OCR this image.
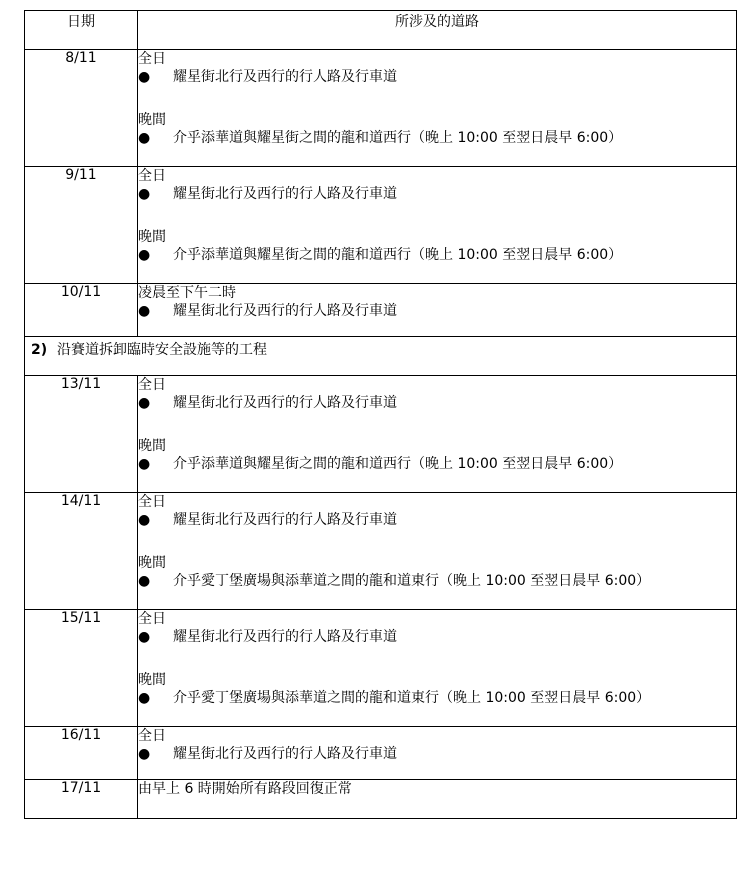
日期	所涉及的道路
8/11	全日
● 耀星街北行及西行的行人路及行車道
晚間
● 介乎添華道與耀星街之間的龍和道西行（晚上 10:00 至翌日晨早 6:00）

9/11	全日
● 耀星街北行及西行的行人路及行車道
晚間
● 介乎添華道與耀星街之間的龍和道西行（晚上 10:00 至翌日晨早 6:00）

10/11	凌晨至下午二時
● 耀星街北行及西行的行人路及行車道

2) 沿賽道拆卸臨時安全設施等的工程	
13/11	全日
● 耀星街北行及西行的行人路及行車道
晚間
● 介乎添華道與耀星街之間的龍和道西行（晚上 10:00 至翌日晨早 6:00）

14/11	全日
● 耀星街北行及西行的行人路及行車道
晚間
● 介乎愛丁堡廣場與添華道之間的龍和道東行（晚上 10:00 至翌日晨早 6:00）

15/11	全日
● 耀星街北行及西行的行人路及行車道
晚間
● 介乎愛丁堡廣場與添華道之間的龍和道東行（晚上 10:00 至翌日晨早 6:00）

16/11	全日
● 耀星街北行及西行的行人路及行車道

17/11	由早上 6 時開始所有路段回復正常
